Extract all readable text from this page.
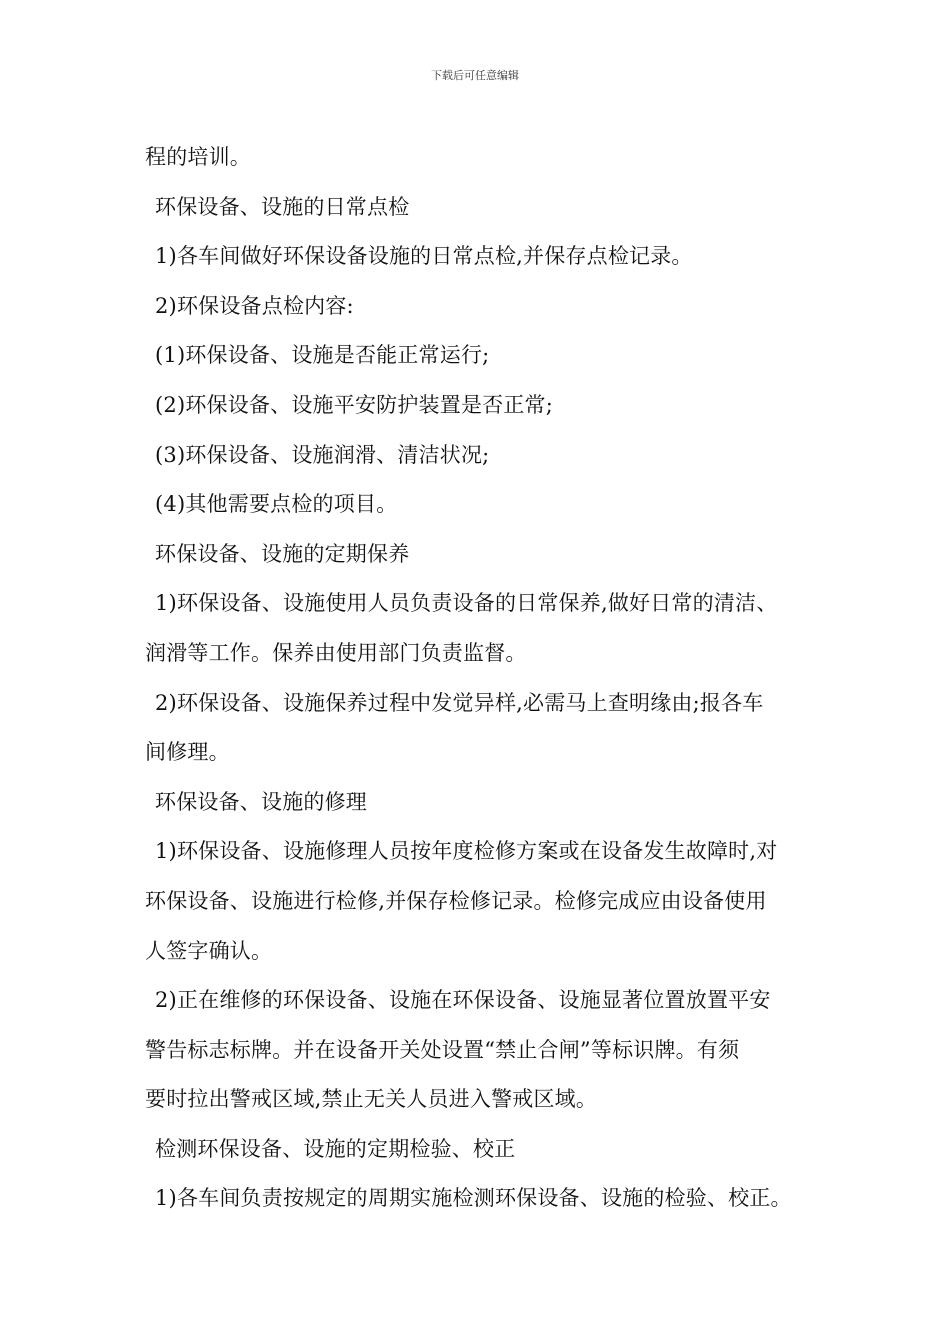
下载后可任意编辑
程的培训。
环保设备、设施的日常点检
1)各车间做好环保设备设施的日常点检,并保存点检记录。
2)环保设备点检内容:
(1)环保设备、设施是否能正常运行;
(2)环保设备、设施平安防护装置是否正常;
(3)环保设备、设施润滑、清洁状况;
(4)其他需要点检的项目。
环保设备、设施的定期保养
1)环保设备、设施使用人员负责设备的日常保养,做好日常的清洁、
润滑等工作。保养由使用部门负责监督。
2)环保设备、设施保养过程中发觉异样,必需马上查明缘由;报各车
间修理。
环保设备、设施的修理
1)环保设备、设施修理人员按年度检修方案或在设备发生故障时,对
环保设备、设施进行检修,并保存检修记录。检修完成应由设备使用
人签字确认。
2)正在维修的环保设备、设施在环保设备、设施显著位置放置平安
警告标志标牌。并在设备开关处设置“禁止合闸”等标识牌。有须
要时拉出警戒区域,禁止无关人员进入警戒区域。
检测环保设备、设施的定期检验、校正
1)各车间负责按规定的周期实施检测环保设备、设施的检验、校正。
